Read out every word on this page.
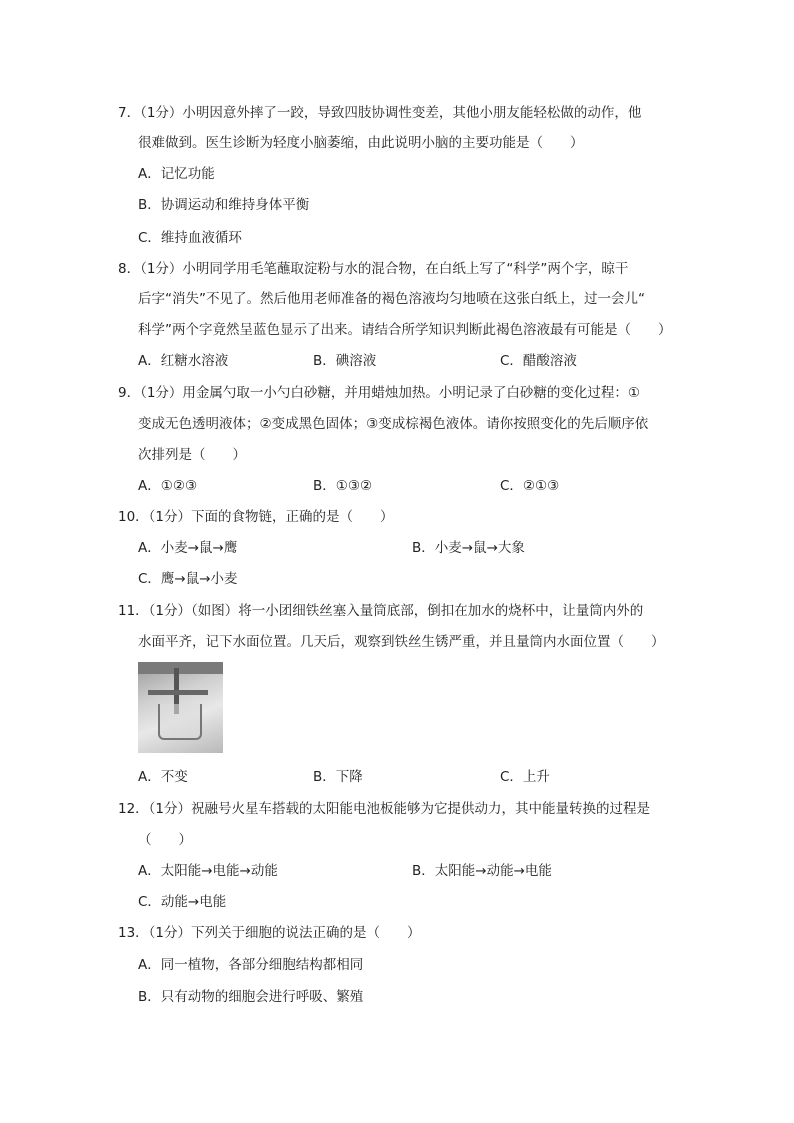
7．（1分）小明因意外摔了一跤，导致四肢协调性变差，其他小朋友能轻松做的动作，他
很难做到。医生诊断为轻度小脑萎缩，由此说明小脑的主要功能是（　　）
A．记忆功能
B．协调运动和维持身体平衡
C．维持血液循环
8．（1分）小明同学用毛笔蘸取淀粉与水的混合物，在白纸上写了“科学”两个字，晾干
后字“消失”不见了。然后他用老师准备的褐色溶液均匀地喷在这张白纸上，过一会儿“
科学”两个字竟然呈蓝色显示了出来。请结合所学知识判断此褐色溶液最有可能是（　　）
A．红糖水溶液	B．碘溶液	C．醋酸溶液
9．（1分）用金属勺取一小勺白砂糖，并用蜡烛加热。小明记录了白砂糖的变化过程：①
变成无色透明液体；②变成黑色固体；③变成棕褐色液体。请你按照变化的先后顺序依
次排列是（　　）
A．①②③	B．①③②	C．②①③
10．（1分）下面的食物链，正确的是（　　）
A．小麦→鼠→鹰	B．小麦→鼠→大象
C．鹰→鼠→小麦
11．（1分）（如图）将一小团细铁丝塞入量筒底部，倒扣在加水的烧杯中，让量筒内外的
水面平齐，记下水面位置。几天后，观察到铁丝生锈严重，并且量筒内水面位置（　　）
A．不变	B．下降	C．上升
12．（1分）祝融号火星车搭载的太阳能电池板能够为它提供动力，其中能量转换的过程是
（　　）
A．太阳能→电能→动能	B．太阳能→动能→电能
C．动能→电能
13．（1分）下列关于细胞的说法正确的是（　　）
A．同一植物，各部分细胞结构都相同
B．只有动物的细胞会进行呼吸、繁殖
